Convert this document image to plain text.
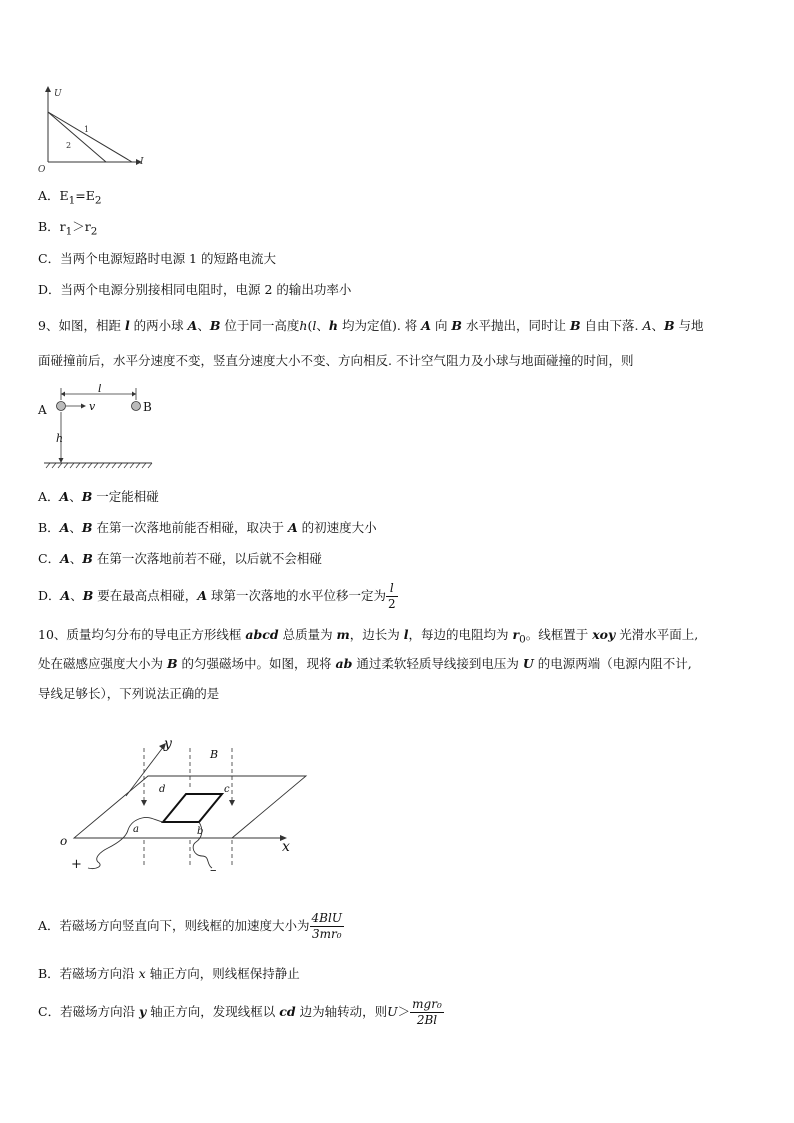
U
I
O
1
2
A．$E_1=E_2$
B．$r_1>r_2$
C．当两个电源短路时电源 1 的短路电流大
D．当两个电源分别接相同电阻时，电源 2 的输出功率小
9、如图，相距 l 的两小球 A、B 位于同一高度h(l、h 均为定值). 将 A 向 B 水平抛出，同时让 B 自由下落. A、B 与地
面碰撞前后，水平分速度不变，竖直分速度大小不变、方向相反. 不计空气阻力及小球与地面碰撞的时间，则
l
A	B
v
h
A．A、B 一定能相碰
B．A、B 在第一次落地前能否相碰，取决于 A 的初速度大小
C．A、B 在第一次落地前若不碰，以后就不会相碰
D．A、B 要在最高点相碰，A 球第一次落地的水平位移一定为 $\frac{l}{2}$
10、质量均匀分布的导电正方形线框 abcd 总质量为 m，边长为 l，每边的电阻均为 $r_0$。线框置于 xoy 光滑水平面上,
处在磁感应强度大小为 B 的匀强磁场中。如图，现将 ab 通过柔软轻质导线接到电压为 U 的电源两端（电源内阻不计,
导线足够长），下列说法正确的是
y
x
o
B
a	b
c
d
+	–
A．若磁场方向竖直向下，则线框的加速度大小为 $\frac{\text{4BlU}}{\text{3mr₀}}$
B．若磁场方向沿 x 轴正方向，则线框保持静止
C．若磁场方向沿 y 轴正方向，发现线框以 cd 边为轴转动，则$U> \frac{\text{mgr₀}}{2Bl}$
